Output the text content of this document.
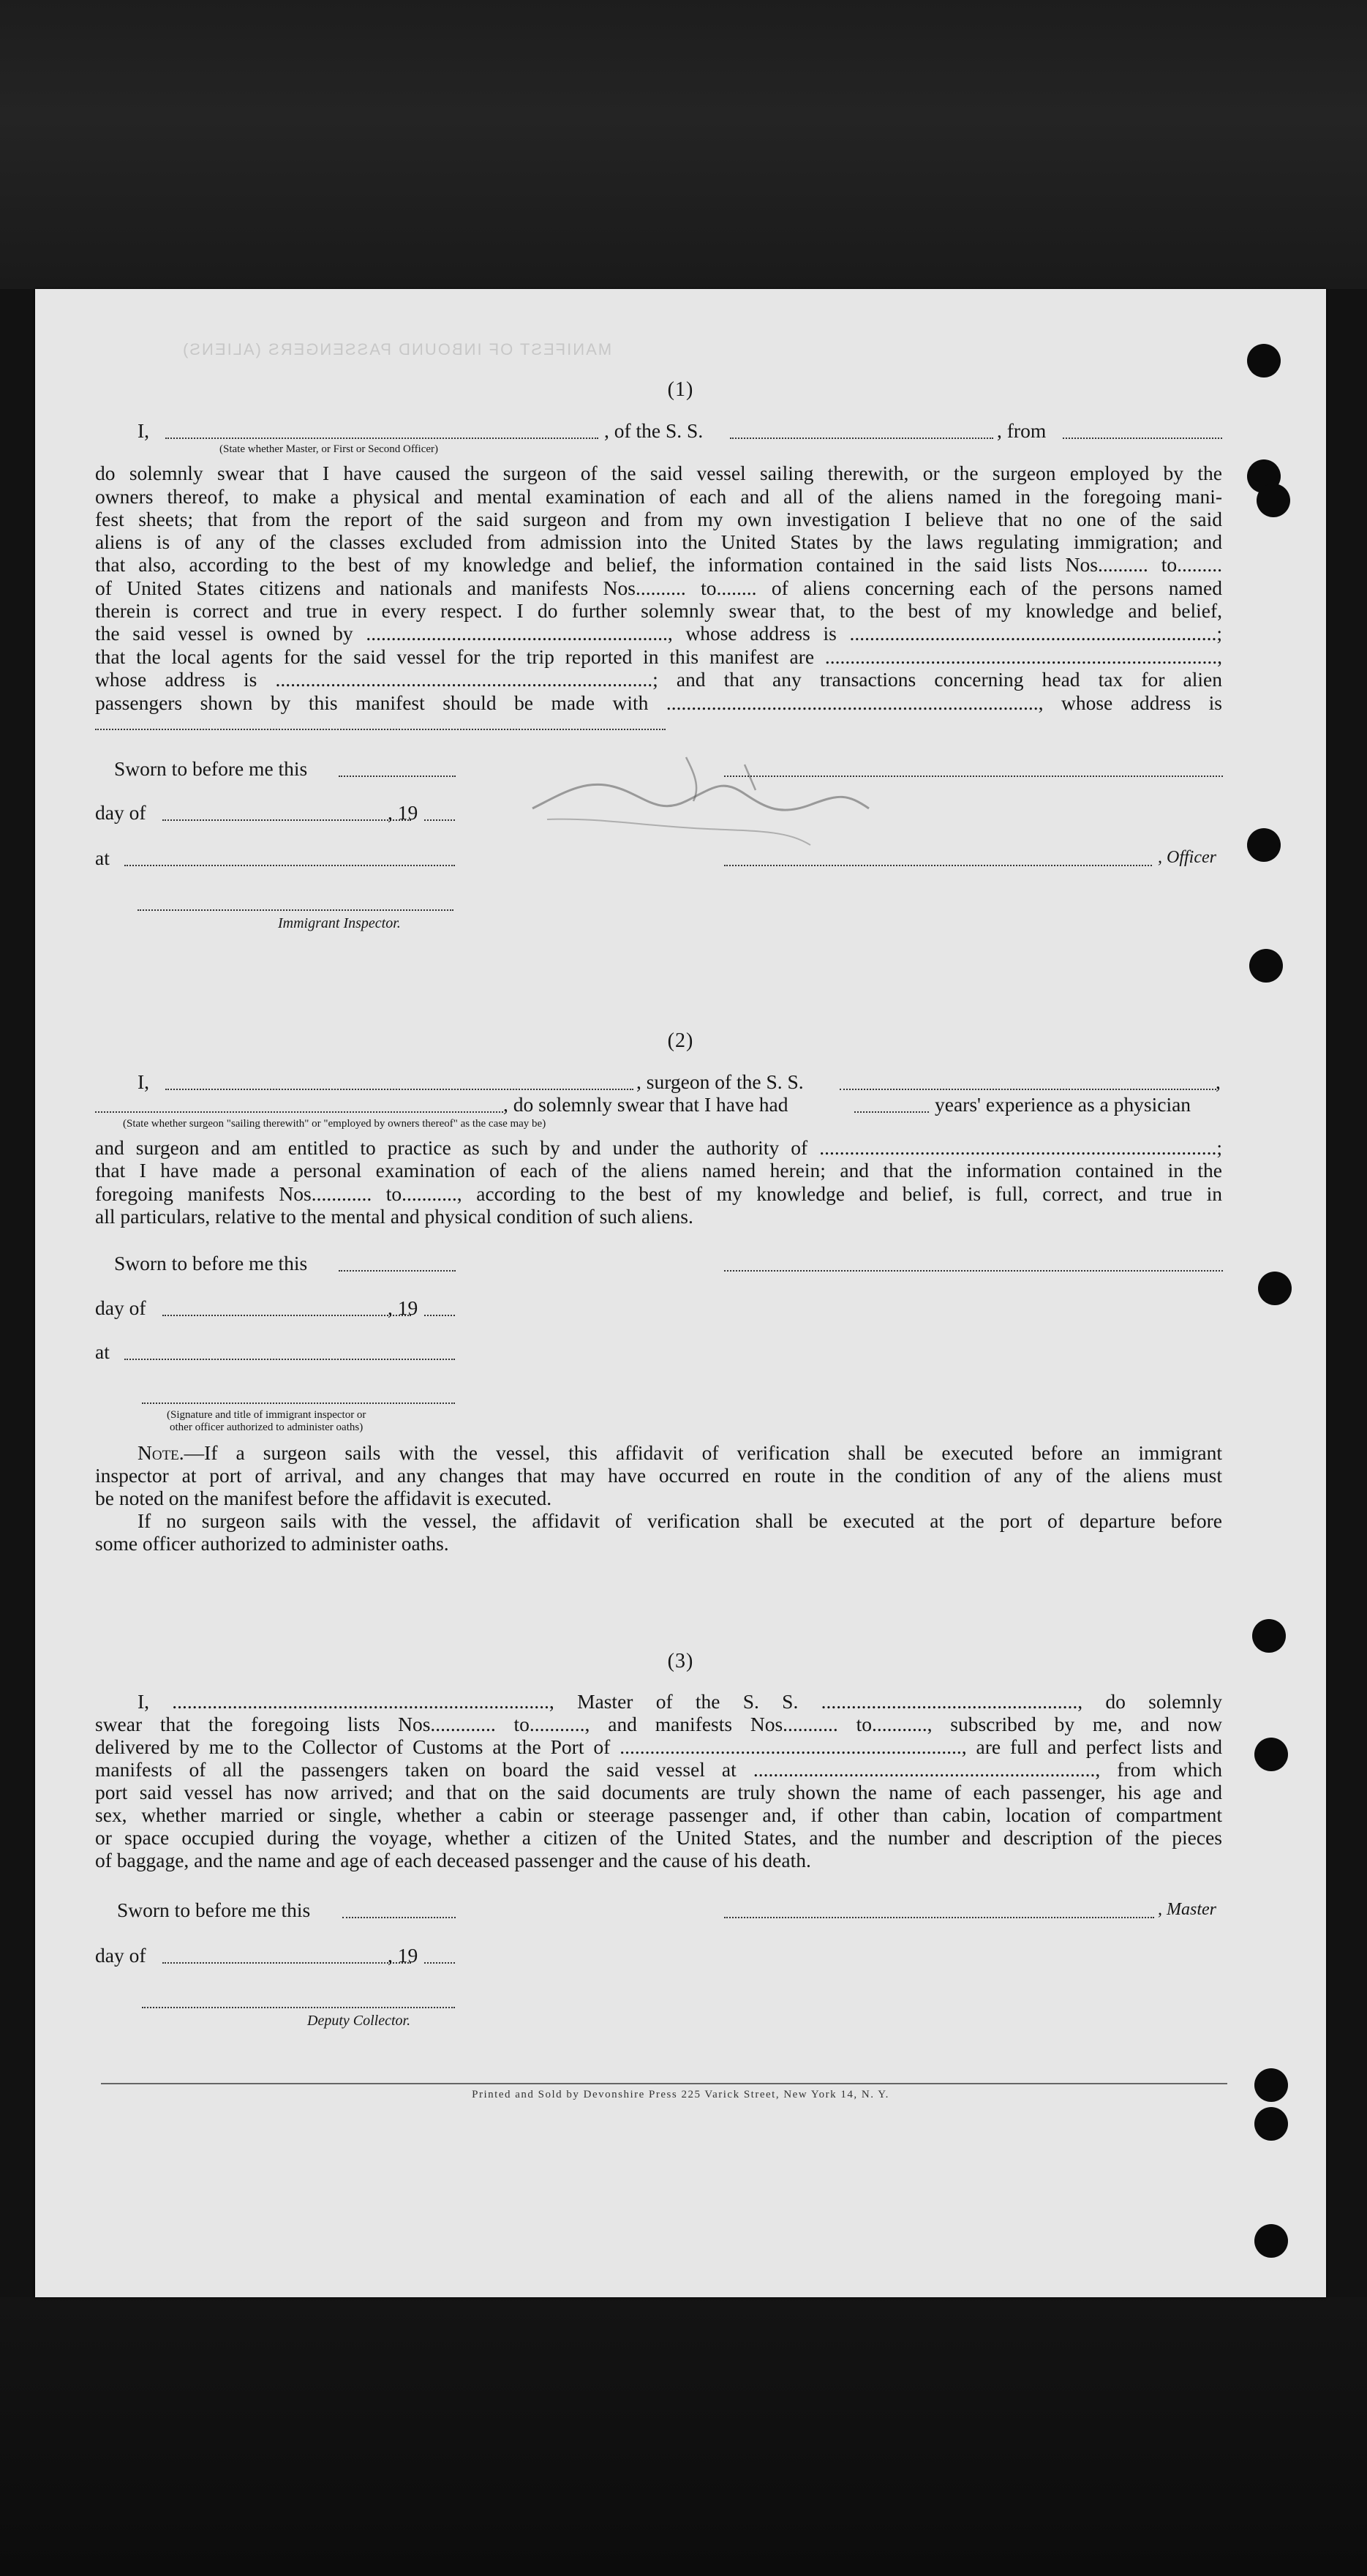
MANIFEST OF INBOUND PASSENGERS (ALIENS)
(1)
I,	, of the S. S.	, from
(State whether Master, or First or Second Officer)
do solemnly swear that I have caused the surgeon of the said vessel sailing therewith, or the surgeon employed by the
owners thereof, to make a physical and mental examination of each and all of the aliens named in the foregoing mani-
fest sheets; that from the report of the said surgeon and from my own investigation I believe that no one of the said
aliens is of any of the classes excluded from admission into the United States by the laws regulating immigration; and
that also, according to the best of my knowledge and belief, the information contained in the said lists Nos.......... to.........
of United States citizens and nationals and manifests Nos.......... to........ of aliens concerning each of the persons named
therein is correct and true in every respect. I do further solemnly swear that, to the best of my knowledge and belief,
the said vessel is owned by ............................................................, whose address is .........................................................................;
that the local agents for the said vessel for the trip reported in this manifest are ..............................................................................,
whose address is ...........................................................................; and that any transactions concerning head tax for alien
passengers shown by this manifest should be made with .........................................................................., whose address is
Sworn to before me this
day of	, 19
at	, Officer
Immigrant Inspector.
(2)
I,	, surgeon of the S. S.	,
, do solemnly swear that I have had	years' experience as a physician
(State whether surgeon "sailing therewith" or "employed by owners thereof" as the case may be)
and surgeon and am entitled to practice as such by and under the authority of ...............................................................................;
that I have made a personal examination of each of the aliens named herein; and that the information contained in the
foregoing manifests Nos............ to..........., according to the best of my knowledge and belief, is full, correct, and true in
all particulars, relative to the mental and physical condition of such aliens.
Sworn to before me this
day of	, 19
at
(Signature and title of immigrant inspector or
other officer authorized to administer oaths)
Note.—If a surgeon sails with the vessel, this affidavit of verification shall be executed before an immigrant
inspector at port of arrival, and any changes that may have occurred en route in the condition of any of the aliens must
be noted on the manifest before the affidavit is executed.
If no surgeon sails with the vessel, the affidavit of verification shall be executed at the port of departure before
some officer authorized to administer oaths.
(3)
I, ..........................................................................., Master of the S. S. ..................................................., do solemnly
swear that the foregoing lists Nos............. to..........., and manifests Nos........... to..........., subscribed by me, and now
delivered by me to the Collector of Customs at the Port of ...................................................................., are full and perfect lists and
manifests of all the passengers taken on board the said vessel at ...................................................................., from which
port said vessel has now arrived; and that on the said documents are truly shown the name of each passenger, his age and
sex, whether married or single, whether a cabin or steerage passenger and, if other than cabin, location of compartment
or space occupied during the voyage, whether a citizen of the United States, and the number and description of the pieces
of baggage, and the name and age of each deceased passenger and the cause of his death.
Sworn to before me this	, Master
day of	, 19
Deputy Collector.
Printed and Sold by Devonshire Press 225 Varick Street, New York 14, N. Y.
